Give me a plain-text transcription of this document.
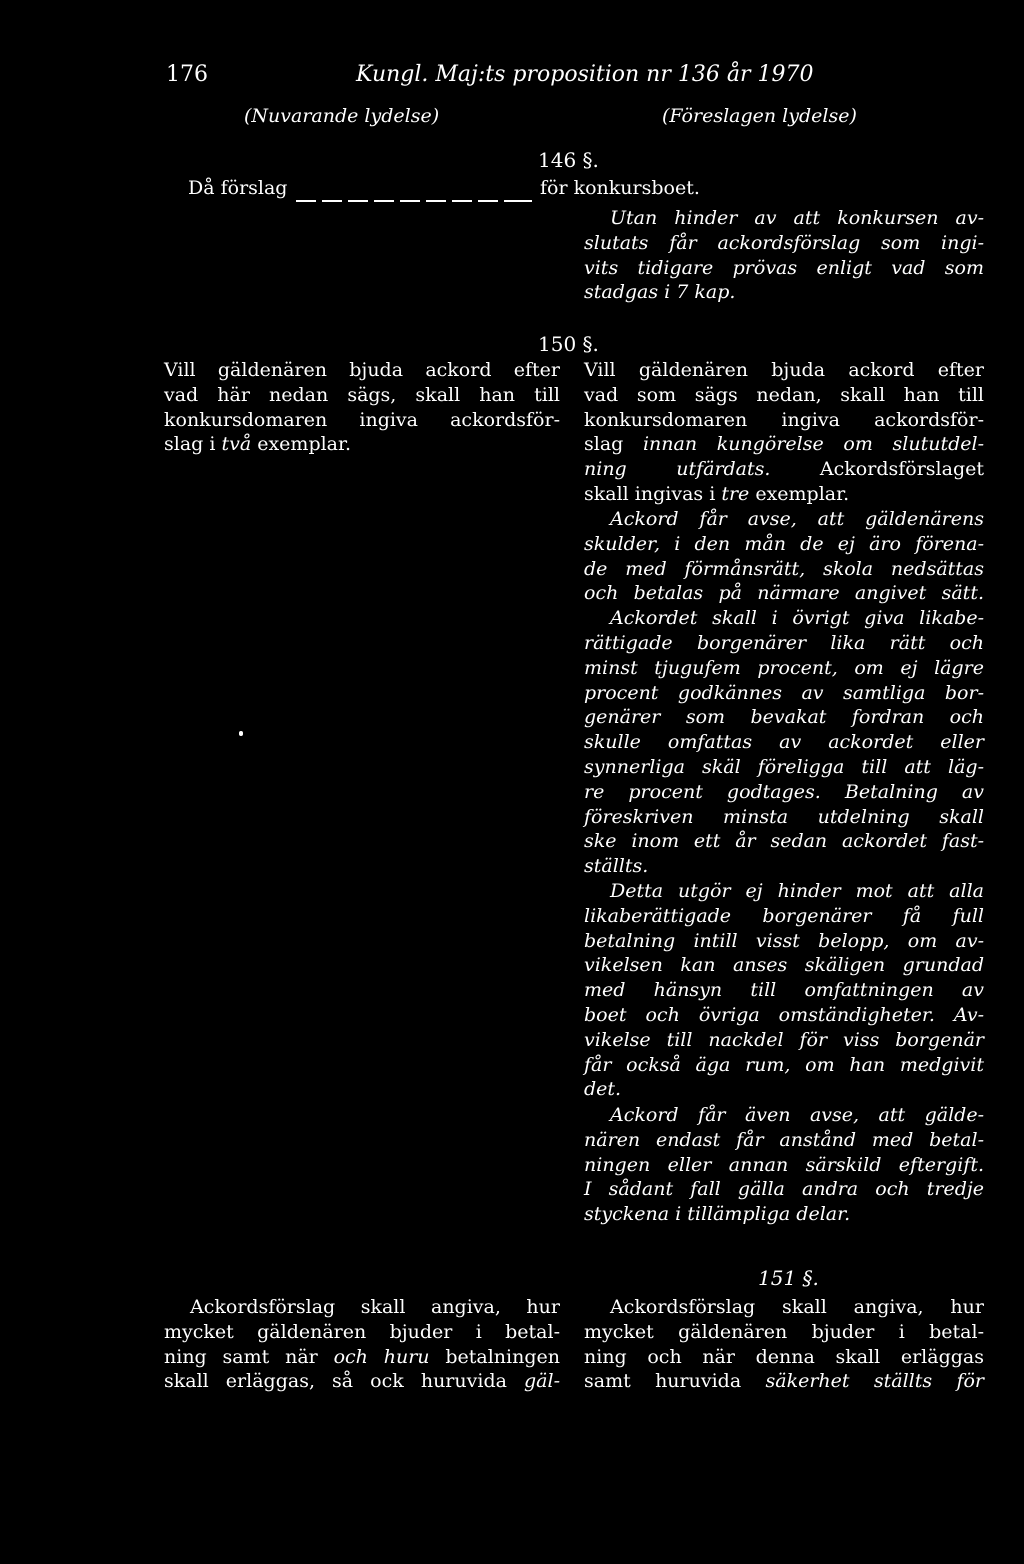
176	Kungl. Maj:ts proposition nr 136 år 1970
(Nuvarande lydelse)	(Föreslagen lydelse)
146 §.
Då förslag	för konkursboet.
Utan hinder av att konkursen av-
slutats får ackordsförslag som ingi-
vits tidigare prövas enligt vad som
stadgas i 7 kap.
150 §.
Vill gäldenären bjuda ackord efter
vad här nedan sägs, skall han till
konkursdomaren ingiva ackordsför-
slag i två exemplar.
Vill gäldenären bjuda ackord efter
vad som sägs nedan, skall han till
konkursdomaren ingiva ackordsför-
slag innan kungörelse om slututdel-
ning utfärdats. Ackordsförslaget
skall ingivas i tre exemplar.
Ackord får avse, att gäldenärens
skulder, i den mån de ej äro förena-
de med förmånsrätt, skola nedsättas
och betalas på närmare angivet sätt.
Ackordet skall i övrigt giva likabe-
rättigade borgenärer lika rätt och
minst tjugufem procent, om ej lägre
procent godkännes av samtliga bor-
genärer som bevakat fordran och
skulle omfattas av ackordet eller
synnerliga skäl föreligga till att läg-
re procent godtages. Betalning av
föreskriven minsta utdelning skall
ske inom ett år sedan ackordet fast-
ställts.
Detta utgör ej hinder mot att alla
likaberättigade borgenärer få full
betalning intill visst belopp, om av-
vikelsen kan anses skäligen grundad
med hänsyn till omfattningen av
boet och övriga omständigheter. Av-
vikelse till nackdel för viss borgenär
får också äga rum, om han medgivit
det.
Ackord får även avse, att gälde-
nären endast får anstånd med betal-
ningen eller annan särskild eftergift.
I sådant fall gälla andra och tredje
styckena i tillämpliga delar.
151 §.
Ackordsförslag skall angiva, hur
mycket gäldenären bjuder i betal-
ning samt när och huru betalningen
skall erläggas, så ock huruvida gäl-
Ackordsförslag skall angiva, hur
mycket gäldenären bjuder i betal-
ning och när denna skall erläggas
samt huruvida säkerhet ställts för
